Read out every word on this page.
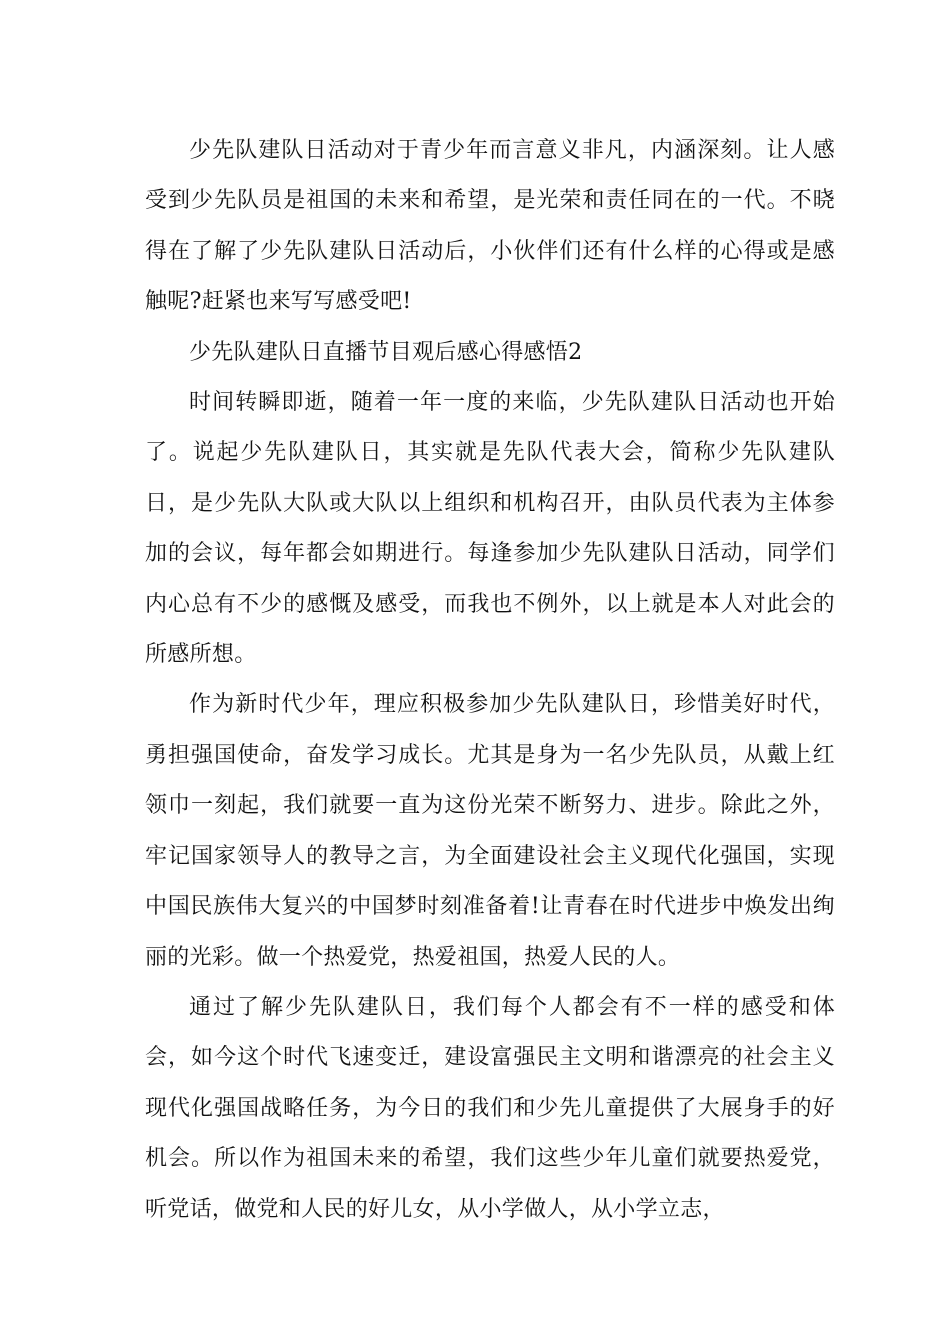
少先队建队日活动对于青少年而言意义非凡，内涵深刻。让人感受到少先队员是祖国的未来和希望，是光荣和责任同在的一代。不晓得在了解了少先队建队日活动后，小伙伴们还有什么样的心得或是感触呢?赶紧也来写写感受吧!

少先队建队日直播节目观后感心得感悟2

时间转瞬即逝，随着一年一度的来临，少先队建队日活动也开始了。说起少先队建队日，其实就是先队代表大会，简称少先队建队日，是少先队大队或大队以上组织和机构召开，由队员代表为主体参加的会议，每年都会如期进行。每逢参加少先队建队日活动，同学们内心总有不少的感慨及感受，而我也不例外，以上就是本人对此会的所感所想。

作为新时代少年，理应积极参加少先队建队日，珍惜美好时代，勇担强国使命，奋发学习成长。尤其是身为一名少先队员，从戴上红领巾一刻起，我们就要一直为这份光荣不断努力、进步。除此之外，牢记国家领导人的教导之言，为全面建设社会主义现代化强国，实现中国民族伟大复兴的中国梦时刻准备着!让青春在时代进步中焕发出绚丽的光彩。做一个热爱党，热爱祖国，热爱人民的人。

通过了解少先队建队日，我们每个人都会有不一样的感受和体会，如今这个时代飞速变迁，建设富强民主文明和谐漂亮的社会主义现代化强国战略任务，为今日的我们和少先儿童提供了大展身手的好机会。所以作为祖国未来的希望，我们这些少年儿童们就要热爱党，听党话，做党和人民的好儿女，从小学做人，从小学立志，
